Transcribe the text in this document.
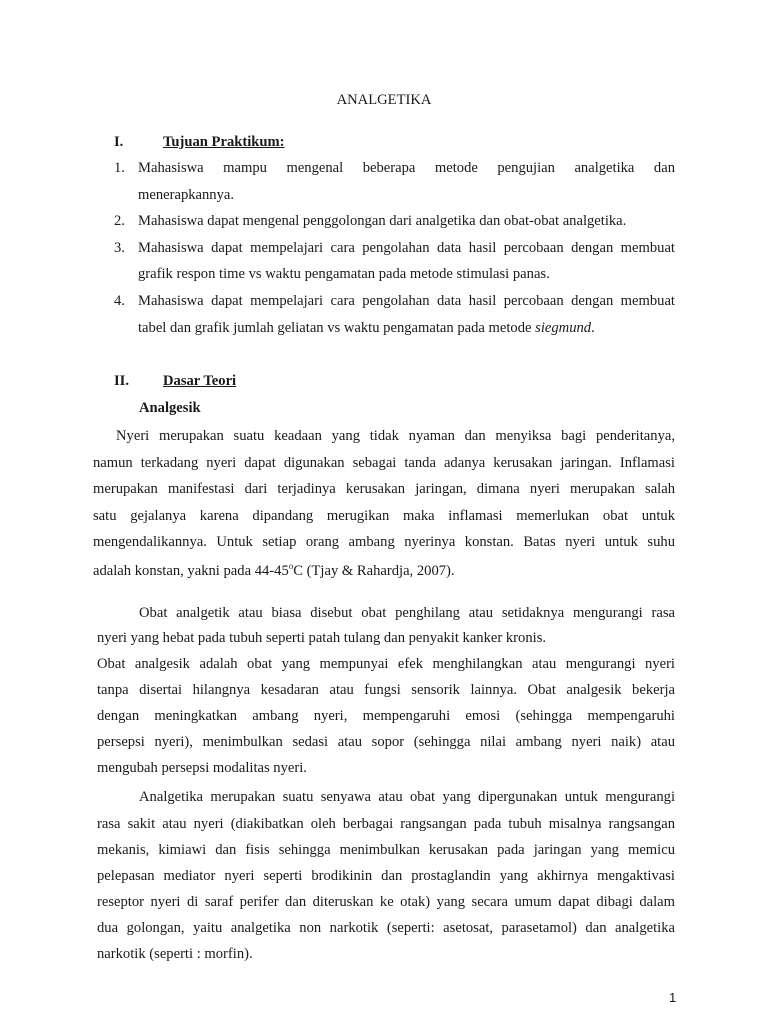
ANALGETIKA
I.	Tujuan Praktikum:
1. Mahasiswa mampu mengenal beberapa metode pengujian analgetika dan
menerapkannya.
2. Mahasiswa dapat mengenal penggolongan dari analgetika dan obat-obat analgetika.
3. Mahasiswa dapat mempelajari cara pengolahan data hasil percobaan dengan membuat
grafik respon time vs waktu pengamatan pada metode stimulasi panas.
4. Mahasiswa dapat mempelajari cara pengolahan data hasil percobaan dengan membuat
tabel dan grafik jumlah geliatan vs waktu pengamatan pada metode siegmund.
II. Dasar Teori
Analgesik
Nyeri merupakan suatu keadaan yang tidak nyaman dan menyiksa bagi penderitanya,
namun terkadang nyeri dapat digunakan sebagai tanda adanya kerusakan jaringan. Inflamasi
merupakan manifestasi dari terjadinya kerusakan jaringan, dimana nyeri merupakan salah
satu gejalanya karena dipandang merugikan maka inflamasi memerlukan obat untuk
mengendalikannya. Untuk setiap orang ambang nyerinya konstan. Batas nyeri untuk suhu
adalah konstan, yakni pada 44-45$^o$C (Tjay & Rahardja, 2007).
Obat analgetik atau biasa disebut obat penghilang atau setidaknya mengurangi rasa
nyeri yang hebat pada tubuh seperti patah tulang dan penyakit kanker kronis.
Obat analgesik adalah obat yang mempunyai efek menghilangkan atau mengurangi nyeri
tanpa disertai hilangnya kesadaran atau fungsi sensorik lainnya. Obat analgesik bekerja
dengan meningkatkan ambang nyeri, mempengaruhi emosi (sehingga mempengaruhi
persepsi nyeri), menimbulkan sedasi atau sopor (sehingga nilai ambang nyeri naik) atau
mengubah persepsi modalitas nyeri.
Analgetika merupakan suatu senyawa atau obat yang dipergunakan untuk mengurangi
rasa sakit atau nyeri (diakibatkan oleh berbagai rangsangan pada tubuh misalnya rangsangan
mekanis, kimiawi dan fisis sehingga menimbulkan kerusakan pada jaringan yang memicu
pelepasan mediator nyeri seperti brodikinin dan prostaglandin yang akhirnya mengaktivasi
reseptor nyeri di saraf perifer dan diteruskan ke otak) yang secara umum dapat dibagi dalam
dua golongan, yaitu analgetika non narkotik (seperti: asetosat, parasetamol) dan analgetika
narkotik (seperti : morfin).
1
